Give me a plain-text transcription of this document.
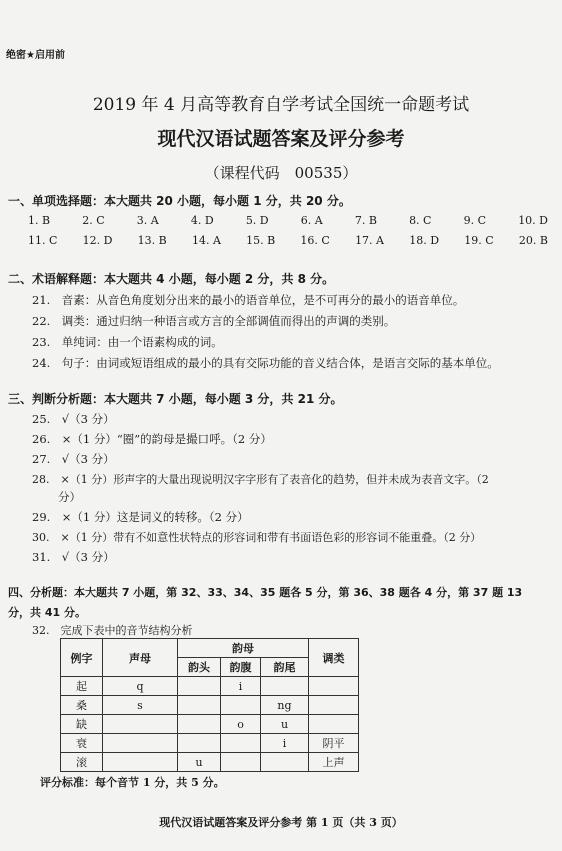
绝密★启用前
2019 年 4 月高等教育自学考试全国统一命题考试
现代汉语试题答案及评分参考
（课程代码　00535）
一、单项选择题：本大题共 20 小题，每小题 1 分，共 20 分。
1. B	2. C	3. A	4. D	5. D	6. A	7. B	8. C	9. C	10. D
11. C 12. D 13. B 14. A 15. B 16. C 17. A 18. D 19. C 20. B
二、术语解释题：本大题共 4 小题，每小题 2 分，共 8 分。
21.　音素：从音色角度划分出来的最小的语音单位，是不可再分的最小的语音单位。
22.　调类：通过归纳一种语言或方言的全部调值而得出的声调的类别。
23.　单纯词：由一个语素构成的词。
24.　句子：由词或短语组成的最小的具有交际功能的音义结合体，是语言交际的基本单位。
三、判断分析题：本大题共 7 小题，每小题 3 分，共 21 分。
25.　√（3 分）
26.　×（1 分）“圈”的韵母是撮口呼。（2 分）
27.　√（3 分）
28.　×（1 分）形声字的大量出现说明汉字字形有了表音化的趋势，但并未成为表音文字。（2
分）
29.　×（1 分）这是词义的转移。（2 分）
30.　×（1 分）带有不如意性状特点的形容词和带有书面语色彩的形容词不能重叠。（2 分）
31.　√（3 分）
四、分析题：本大题共 7 小题，第 32、33、34、35 题各 5 分，第 36、38 题各 4 分，第 37 题 13
分，共 41 分。
32.　完成下表中的音节结构分析
例字	声母	韵母			调类
		韵头	韵腹	韵尾	
起	q		i		
桑	s			ng	
缺			o	u	
衰				i	阴平
滚		u			上声
评分标准：每个音节 1 分，共 5 分。
现代汉语试题答案及评分参考 第 1 页（共 3 页）
